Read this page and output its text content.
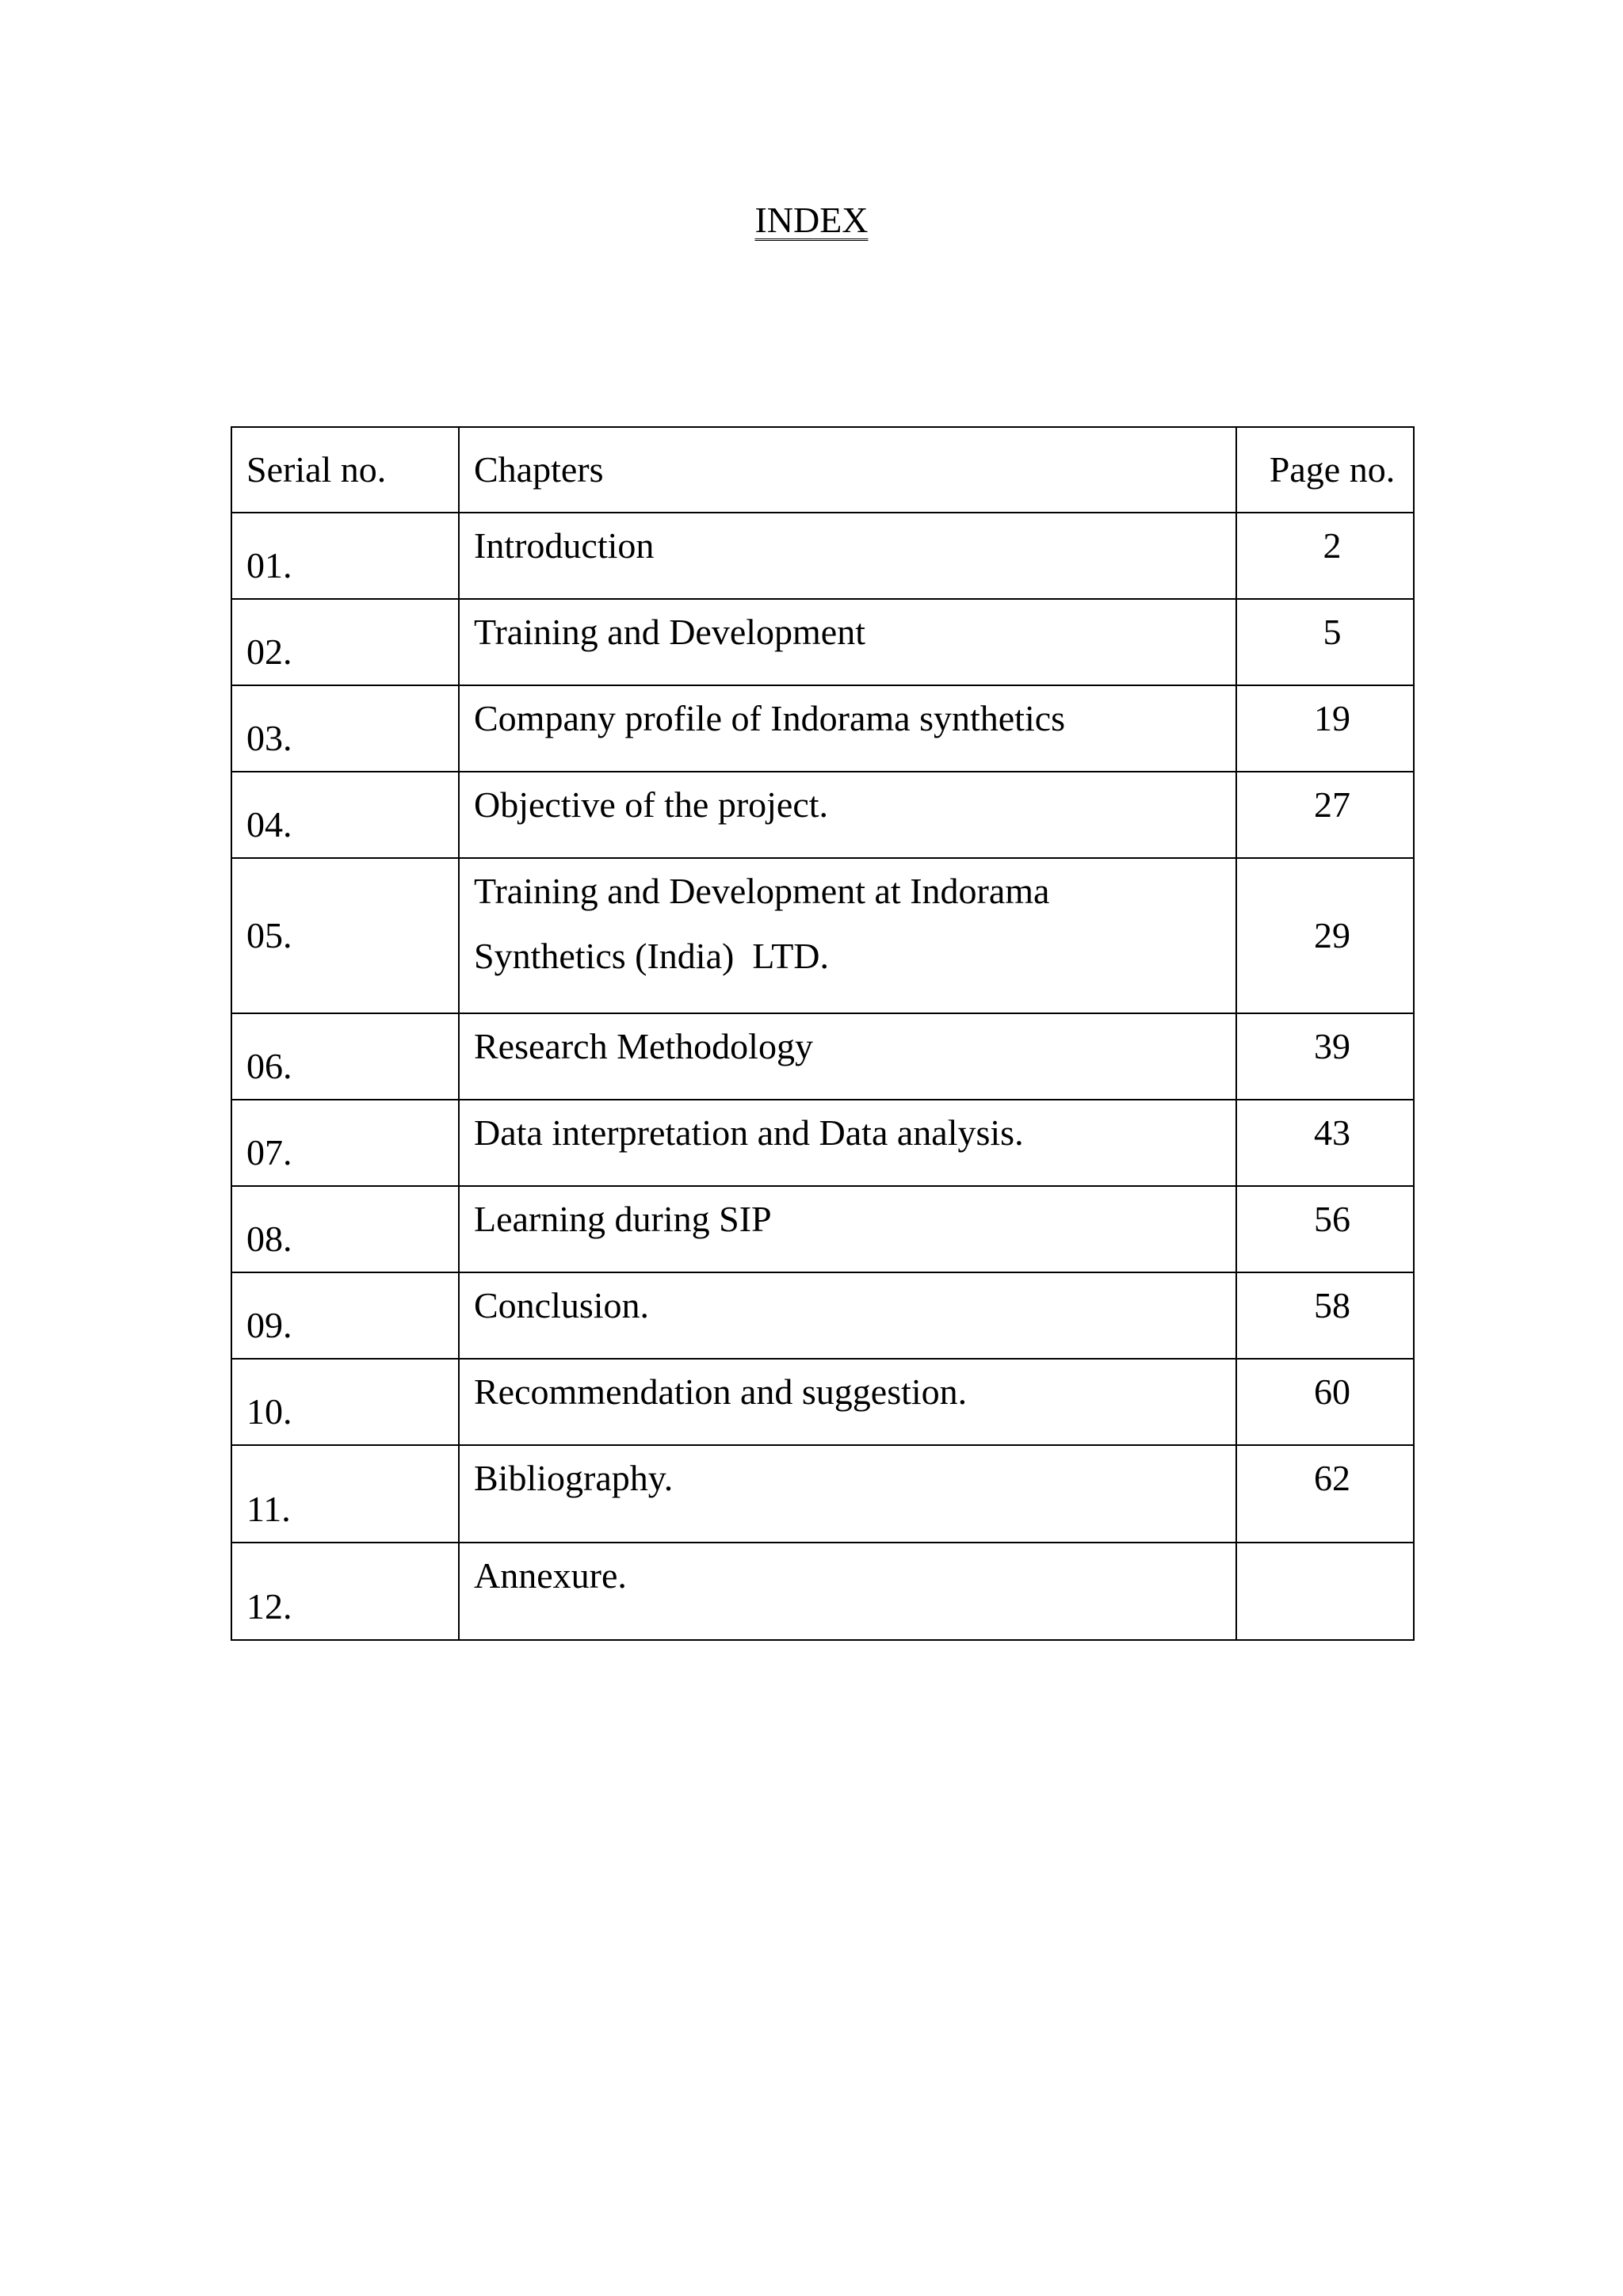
INDEX
Serial no.	Chapters	Page no.
01.	Introduction	2
02.	Training and Development	5
03.	Company profile of Indorama synthetics	19
04.	Objective of the project.	27
05.	Training and Development at Indorama
Synthetics (India)  LTD.	29
06.	Research Methodology	39
07.	Data interpretation and Data analysis.	43
08.	Learning during SIP	56
09.	Conclusion.	58
10.	Recommendation and suggestion.	60
11.	Bibliography.	62
12.	Annexure.	
